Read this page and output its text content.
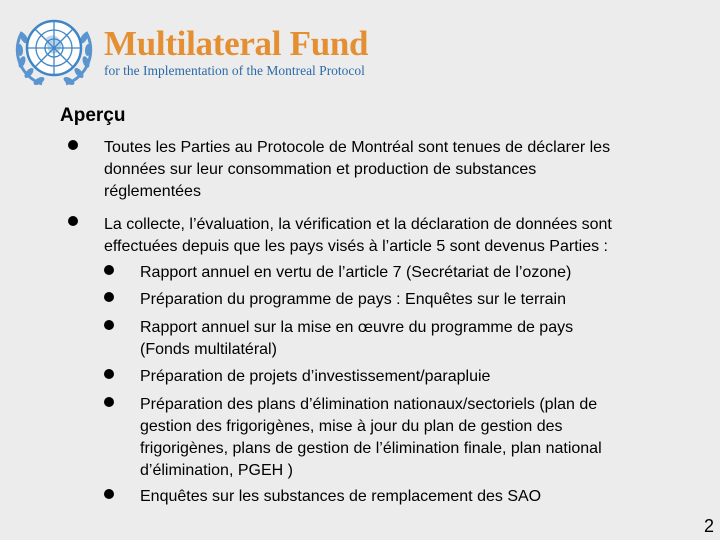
Multilateral Fund
for the Implementation of the Montreal Protocol
Aperçu
Toutes les Parties au Protocole de Montréal sont tenues de déclarer les
données sur leur consommation et production de substances
réglementées
La collecte, l’évaluation, la vérification et la déclaration de données sont
effectuées depuis que les pays visés à l’article 5 sont devenus Parties :
Rapport annuel en vertu de l’article 7 (Secrétariat de l’ozone)
Préparation du programme de pays : Enquêtes sur le terrain
Rapport annuel sur la mise en œuvre du programme de pays
(Fonds multilatéral)
Préparation de projets d’investissement/parapluie
Préparation des plans d’élimination nationaux/sectoriels (plan de
gestion des frigorigènes, mise à jour du plan de gestion des
frigorigènes, plans de gestion de l’élimination finale, plan national
d’élimination, PGEH )
Enquêtes sur les substances de remplacement des SAO
2
